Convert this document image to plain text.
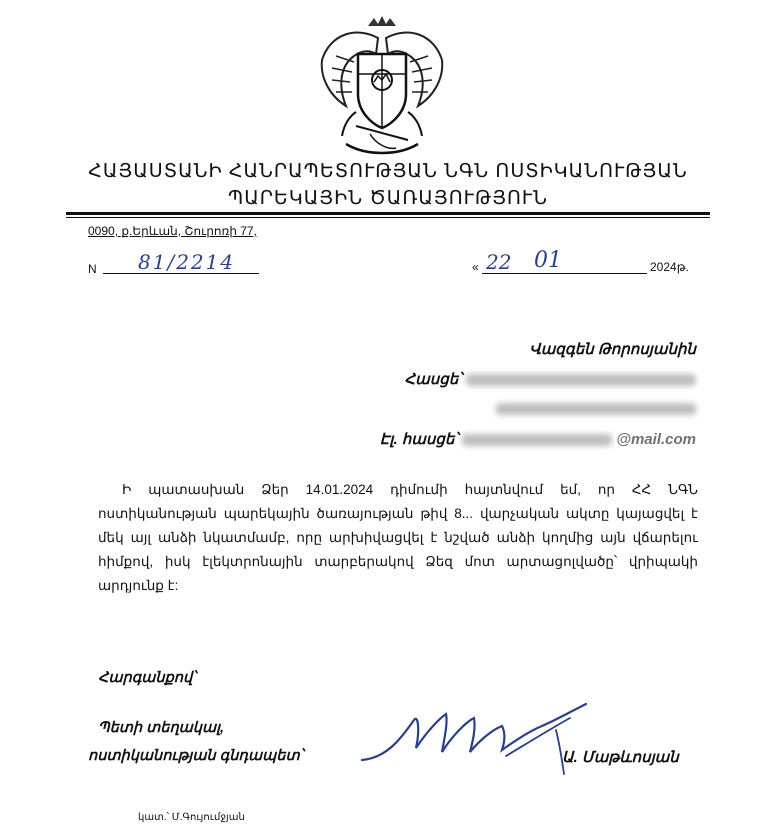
ՀԱՅԱՍՏԱՆԻ ՀԱՆՐԱՊԵՏՈՒԹՅԱՆ ՆԳՆ ՈՍՏԻԿԱՆՈՒԹՅԱՆ
ՊԱՐԵԿԱՅԻՆ ԾԱՌԱՅՈՒԹՅՈՒՆ
0090, ք.Երևան, Շուրոռի 77,
N 81/2214	« 22 01	2024թ.
Վազգեն Թորոսյանին
Հասցե՝
Էլ. հասցե՝	@mail.com
Ի պատասխան Ձեր 14.01.2024 դիմումի հայտնվում եմ, որ ՀՀ ՆԳՆ ոստիկանության պարեկային ծառայության թիվ 8... վարչական ակտը կայացվել է մեկ այլ անձի նկատմամբ, որը արխիվացվել է նշված անձի կողմից այն վճարելու հիմքով, իսկ էլեկտրոնային տարբերակով Ձեզ մոտ արտացոլվածը՝ վրիպակի արդյունք է:
Հարգանքով՝
Պետի տեղակալ,
ոստիկանության գնդապետ՝	Ա. Մաթևոսյան
կատ.՝ Մ.Գույումջյան
